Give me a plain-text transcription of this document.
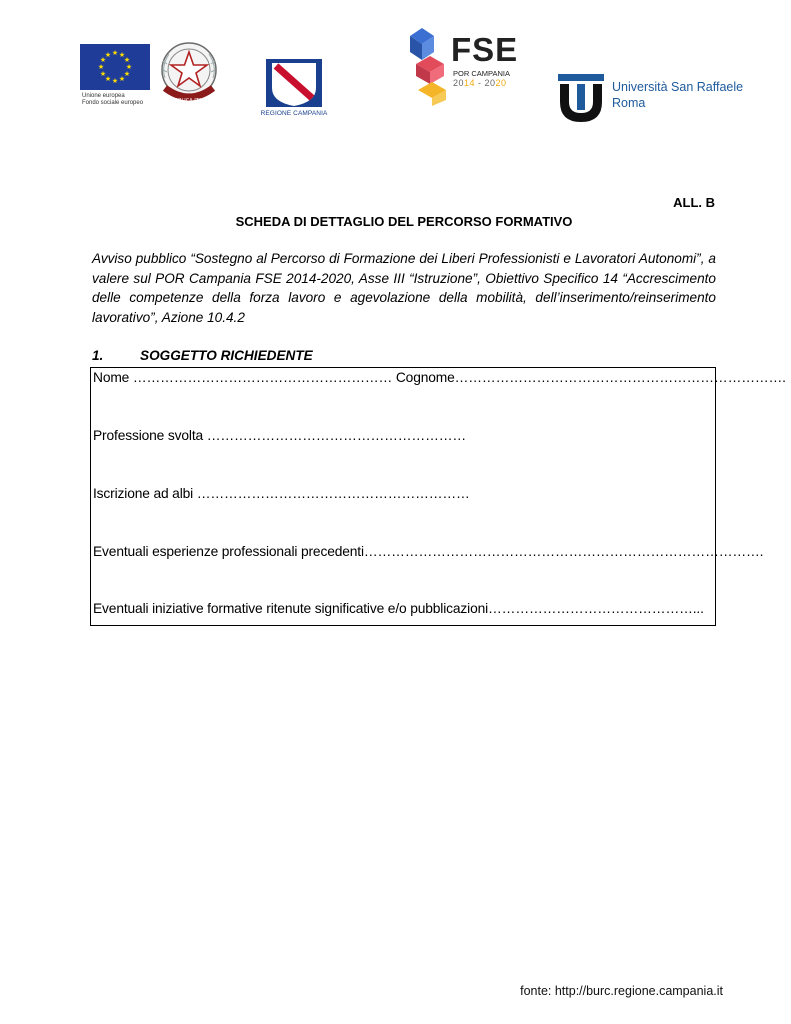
★ ★
★
★
★
★
★
★
★
★
★
★
Unione europea
Fondo sociale europeo	REPUBBLICA ITALIANA
REGIONE CAMPANIA
FSE
POR CAMPANIA
2014 - 2020	Università San Raffaele
Roma
ALL. B
SCHEDA DI DETTAGLIO DEL PERCORSO FORMATIVO

Avviso pubblico “Sostegno al Percorso di Formazione dei Liberi Professionisti e Lavoratori Autonomi”, a valere sul POR Campania FSE 2014-2020, Asse III “Istruzione”, Obiettivo Specifico 14 “Accrescimento delle competenze della forza lavoro e agevolazione della mobilità, dell’inserimento/reinserimento lavorativo”, Azione 10.4.2

1.	SOGGETTO RICHIEDENTE
Nome ………………………………………………… Cognome……………………………………………………………….
Professione svolta …………………………………………………
Iscrizione ad albi ……………………………………………………
Eventuali esperienze professionali precedenti…………………………………………………………………………….
Eventuali iniziative formative ritenute significative e/o pubblicazioni………………………………………...
fonte: http://burc.regione.campania.it
